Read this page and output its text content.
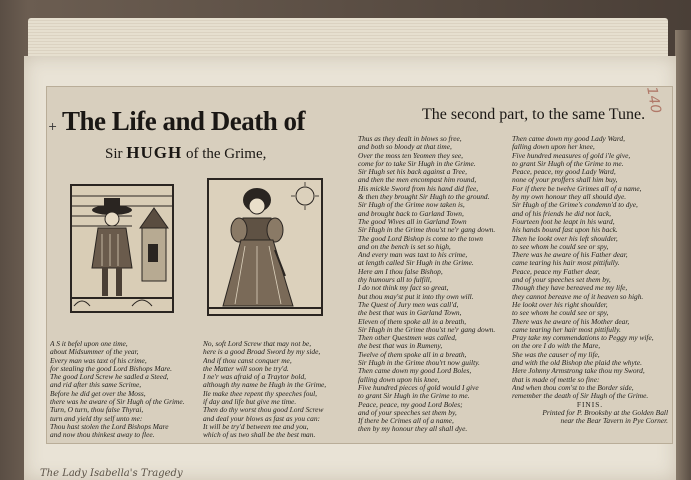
140
+ The Life and Death of
Sir HUGH of the Grime,
The second part, to the same Tune.
A S it befel upon one time,
about Midsummer of the year,
Every man was taxt of his crime,
for stealing the good Lord Bishops Mare.
The good Lord Screw he sadled a Steed,
and rid after this same Scrime,
Before he did get over the Moss,
there was he aware of Sir Hugh of the Grime.
Turn, O turn, thou false Thyrai,
turn and yield thy self unto me:
Thou hast stolen the Lord Bishops Mare
and now thou thinkest away to flee.
No, soft Lord Screw that may not be,
here is a good Broad Sword by my side,
And if thou canst conquer me,
the Matter will soon be try'd.
I ne'r was afraid of a Traytor bold,
although thy name be Hugh in the Grime,
Ile make thee repent thy speeches foul,
if day and life but give me time.
Then do thy worst thou good Lord Screw
and deal your blows as fast as you can:
It will be try'd between me and you,
which of us two shall be the best man.
Thus as they dealt in blows so free,
and both so bloody at that time,
Over the moss ten Yeomen they see,
come for to take Sir Hugh in the Grime.
Sir Hugh set his back against a Tree,
and then the men encompast him round,
His mickle Sword from his hand did flee,
& then they brought Sir Hugh to the ground.
Sir Hugh of the Grime now taken is,
and brought back to Garland Town,
The good Wives all in Garland Town
Sir Hugh in the Grime thou'st ne'r gang down.
The good Lord Bishop is come to the town
and on the bench is set so high,
And every man was taxt to his crime,
at length called Sir Hugh in the Grime.
Here am I thou false Bishop,
thy humours all to fulfill,
I do not think my fact so great,
but thou may'st put it into thy own will.
The Quest of Jury men was call'd,
the best that was in Garland Town,
Eleven of them spoke all in a breath,
Sir Hugh in the Grime thou'st ne'r gang down.
Then other Questmen was called,
the best that was in Rumeny,
Twelve of them spoke all in a breath,
Sir Hugh in the Grime thou'rt now guilty.
Then came down my good Lord Boles,
falling down upon his knee,
Five hundred pieces of gold would I give
to grant Sir Hugh in the Grime to me.
Peace, peace, my good Lord Boles;
and of your speeches set them by,
If there be Crimes all of a name,
then by my honour they all shall dye.
Then came down my good Lady Ward,
falling down upon her knee,
Five hundred measures of gold i'le give,
to grant Sir Hugh of the Grime to me.
Peace, peace, my good Lady Ward,
none of your proffers shall him buy,
For if there be twelve Grimes all of a name,
by my own honour they all should dye.
Sir Hugh of the Grime's condemn'd to dye,
and of his friends he did not lack,
Fourteen foot he leapt in his ward,
his hands bound fast upon his back.
Then he lookt over his left shoulder,
to see whom he could see or spy,
There was he aware of his Father dear,
came tearing his hair most pittifully.
Peace, peace my Father dear,
and of your speeches set them by,
Though they have bereaved me my life,
they cannot bereave me of it heaven so high.
He lookt over his right shoulder,
to see whom he could see or spy,
There was he aware of his Mother dear,
came tearing her hair most pittifully.
Pray take my commendations to Peggy my wife,
on the ore I do with the Mare,
She was the causer of my life,
and with the old Bishop the plaid the whyte.
Here Johnny Armstrong take thou my Sword,
that is made of mettle so fine:
And when thou com'st to the Border side,
remember the death of Sir Hugh of the Grime.
FINIS.
Printed for P. Brooksby at the Golden Ball
near the Bear Tavern in Pye Corner.
The Lady Isabella's Tragedy
